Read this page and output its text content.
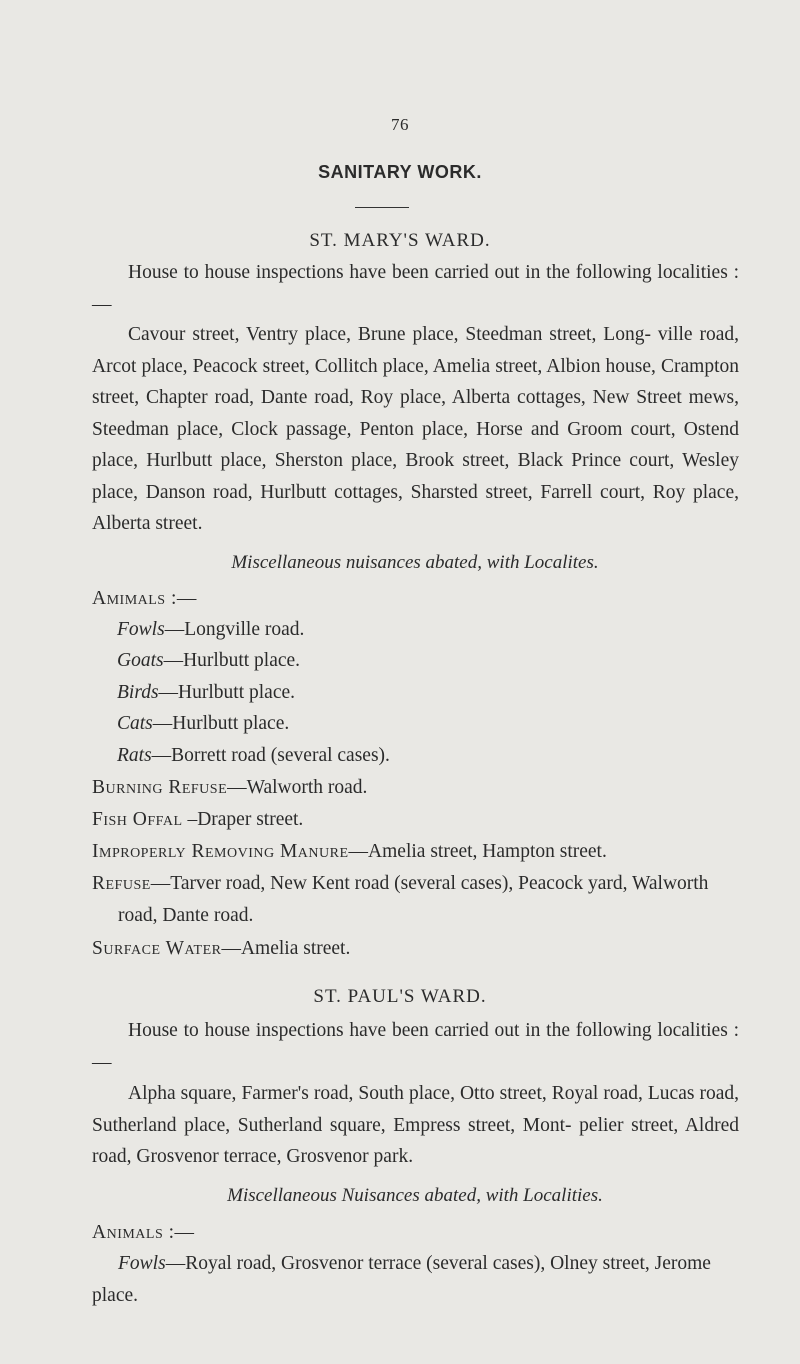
76
SANITARY WORK.
ST. MARY'S WARD.

House to house inspections have been carried out in the following localities :—

Cavour street, Ventry place, Brune place, Steedman street, Long- ville road, Arcot place, Peacock street, Collitch place, Amelia street, Albion house, Crampton street, Chapter road, Dante road, Roy place, Alberta cottages, New Street mews, Steedman place, Clock passage, Penton place, Horse and Groom court, Ostend place, Hurlbutt place, Sherston place, Brook street, Black Prince court, Wesley place, Danson road, Hurlbutt cottages, Sharsted street, Farrell court, Roy place, Alberta street.

Miscellaneous nuisances abated, with Localites.
Amimals :—
Fowls—Longville road.
Goats—Hurlbutt place.
Birds—Hurlbutt place.
Cats—Hurlbutt place.
Rats—Borrett road (several cases).
Burning Refuse—Walworth road.
Fish Offal –Draper street.
Improperly Removing Manure—Amelia street, Hampton street.
Refuse—Tarver road, New Kent road (several cases), Peacock yard, Walworth road, Dante road.
Surface Water—Amelia street.
ST. PAUL'S WARD.

House to house inspections have been carried out in the following localities :—

Alpha square, Farmer's road, South place, Otto street, Royal road, Lucas road, Sutherland place, Sutherland square, Empress street, Mont- pelier street, Aldred road, Grosvenor terrace, Grosvenor park.

Miscellaneous Nuisances abated, with Localities.
Animals :—
Fowls—Royal road, Grosvenor terrace (several cases), Olney street, Jerome place.
